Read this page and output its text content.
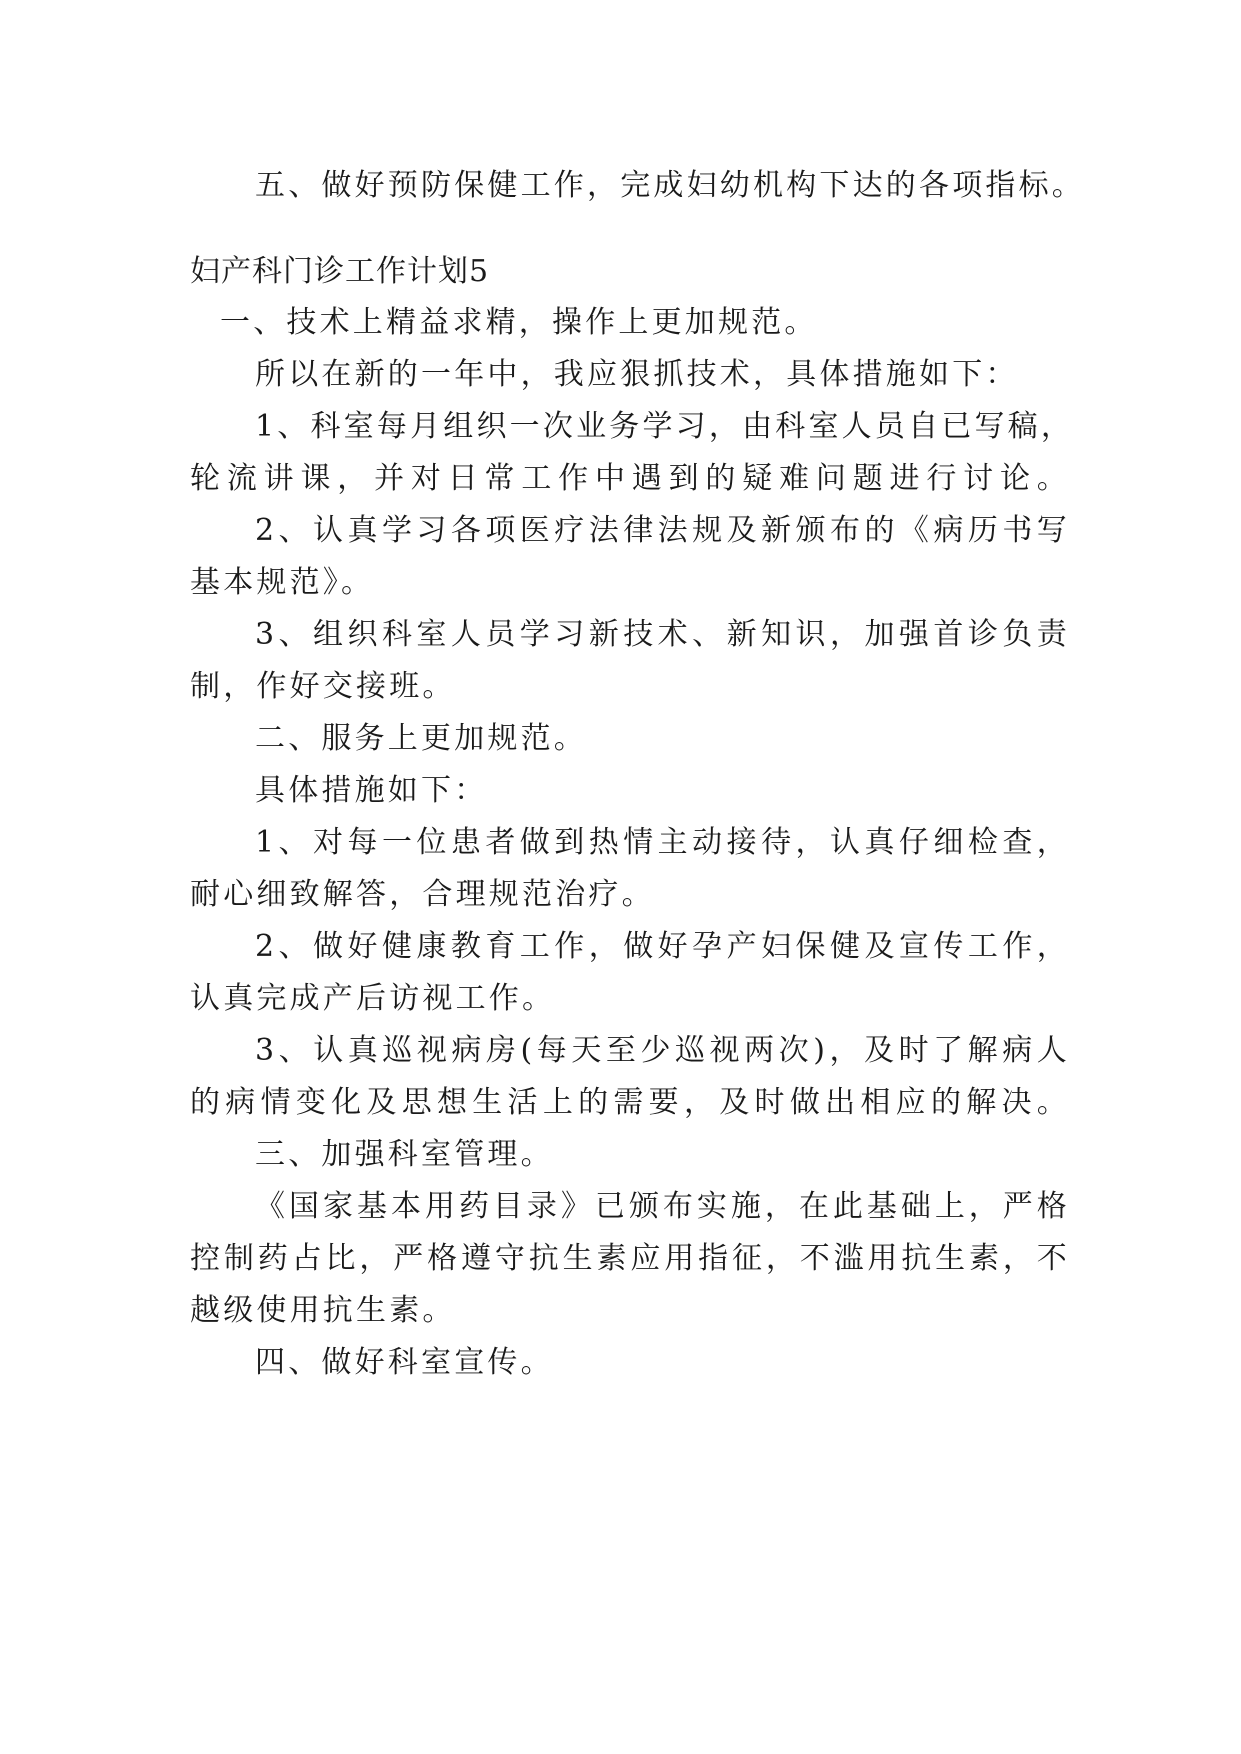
五、做好预防保健工作，完成妇幼机构下达的各项指标。
妇产科门诊工作计划5
一、技术上精益求精，操作上更加规范。
所以在新的一年中，我应狠抓技术，具体措施如下：
1、科室每月组织一次业务学习，由科室人员自已写稿，
轮流讲课，并对日常工作中遇到的疑难问题进行讨论。
2、认真学习各项医疗法律法规及新颁布的《病历书写
基本规范》。
3、组织科室人员学习新技术、新知识，加强首诊负责
制，作好交接班。
二、服务上更加规范。
具体措施如下：
1、对每一位患者做到热情主动接待，认真仔细检查，
耐心细致解答，合理规范治疗。
2、做好健康教育工作，做好孕产妇保健及宣传工作，
认真完成产后访视工作。
3、认真巡视病房(每天至少巡视两次)，及时了解病人
的病情变化及思想生活上的需要，及时做出相应的解决。
三、加强科室管理。
《国家基本用药目录》已颁布实施，在此基础上，严格
控制药占比，严格遵守抗生素应用指征，不滥用抗生素，不
越级使用抗生素。
四、做好科室宣传。
